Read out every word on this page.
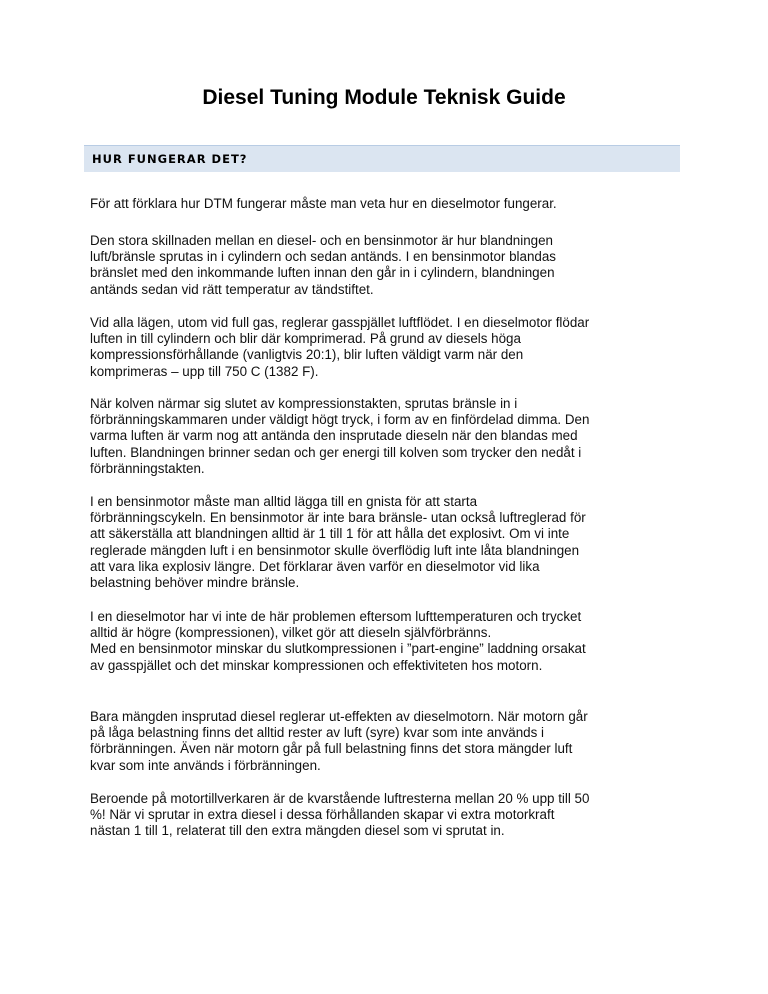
Diesel Tuning Module Teknisk Guide
HUR FUNGERAR DET?

För att förklara hur DTM fungerar måste man veta hur en dieselmotor fungerar.

Den stora skillnaden mellan en diesel- och en bensinmotor är hur blandningen
luft/bränsle sprutas in i cylindern och sedan antänds. I en bensinmotor blandas
bränslet med den inkommande luften innan den går in i cylindern, blandningen
antänds sedan vid rätt temperatur av tändstiftet.

Vid alla lägen, utom vid full gas, reglerar gasspjället luftflödet. I en dieselmotor flödar
luften in till cylindern och blir där komprimerad. På grund av diesels höga
kompressionsförhållande (vanligtvis 20:1), blir luften väldigt varm när den
komprimeras – upp till 750 C (1382 F).

När kolven närmar sig slutet av kompressionstakten, sprutas bränsle in i
förbränningskammaren under väldigt högt tryck, i form av en finfördelad dimma. Den
varma luften är varm nog att antända den insprutade dieseln när den blandas med
luften. Blandningen brinner sedan och ger energi till kolven som trycker den nedåt i
förbränningstakten.

I en bensinmotor måste man alltid lägga till en gnista för att starta
förbränningscykeln. En bensinmotor är inte bara bränsle- utan också luftreglerad för
att säkerställa att blandningen alltid är 1 till 1 för att hålla det explosivt. Om vi inte
reglerade mängden luft i en bensinmotor skulle överflödig luft inte låta blandningen
att vara lika explosiv längre. Det förklarar även varför en dieselmotor vid lika
belastning behöver mindre bränsle.

I en dieselmotor har vi inte de här problemen eftersom lufttemperaturen och trycket
alltid är högre (kompressionen), vilket gör att dieseln självförbränns.
Med en bensinmotor minskar du slutkompressionen i ”part-engine” laddning orsakat
av gasspjället och det minskar kompressionen och effektiviteten hos motorn.

Bara mängden insprutad diesel reglerar ut-effekten av dieselmotorn. När motorn går
på låga belastning finns det alltid rester av luft (syre) kvar som inte används i
förbränningen. Även när motorn går på full belastning finns det stora mängder luft
kvar som inte används i förbränningen.

Beroende på motortillverkaren är de kvarstående luftresterna mellan 20 % upp till 50
%! När vi sprutar in extra diesel i dessa förhållanden skapar vi extra motorkraft
nästan 1 till 1, relaterat till den extra mängden diesel som vi sprutat in.
